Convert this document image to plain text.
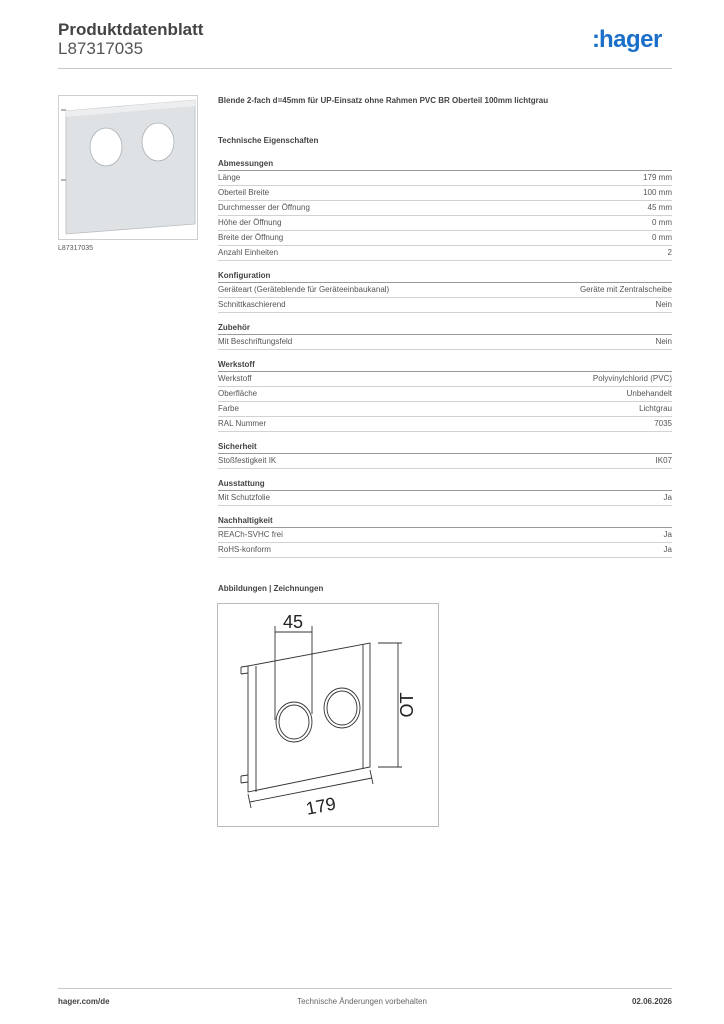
Produktdatenblatt
L87317035	:hager
L87317035
Blende 2-fach d=45mm für UP-Einsatz ohne Rahmen PVC BR Oberteil 100mm lichtgrau
Technische Eigenschaften
Abmessungen
Länge	179 mm
Oberteil Breite	100 mm
Durchmesser der Öffnung	45 mm
Höhe der Öffnung	0 mm
Breite der Öffnung	0 mm
Anzahl Einheiten	2
Konfiguration
Geräteart (Geräteblende für Geräteeinbaukanal)	Geräte mit Zentralscheibe
Schnittkaschierend	Nein
Zubehör
Mit Beschriftungsfeld	Nein
Werkstoff
Werkstoff	Polyvinylchlorid (PVC)
Oberfläche	Unbehandelt
Farbe	Lichtgrau
RAL Nummer	7035
Sicherheit
Stoßfestigkeit IK	IK07
Ausstattung
Mit Schutzfolie	Ja
Nachhaltigkeit
REACh-SVHC frei	Ja
RoHS-konform	Ja
Abbildungen | Zeichnungen
45
OT
179
hager.com/de	Technische Änderungen vorbehalten	02.06.2026
